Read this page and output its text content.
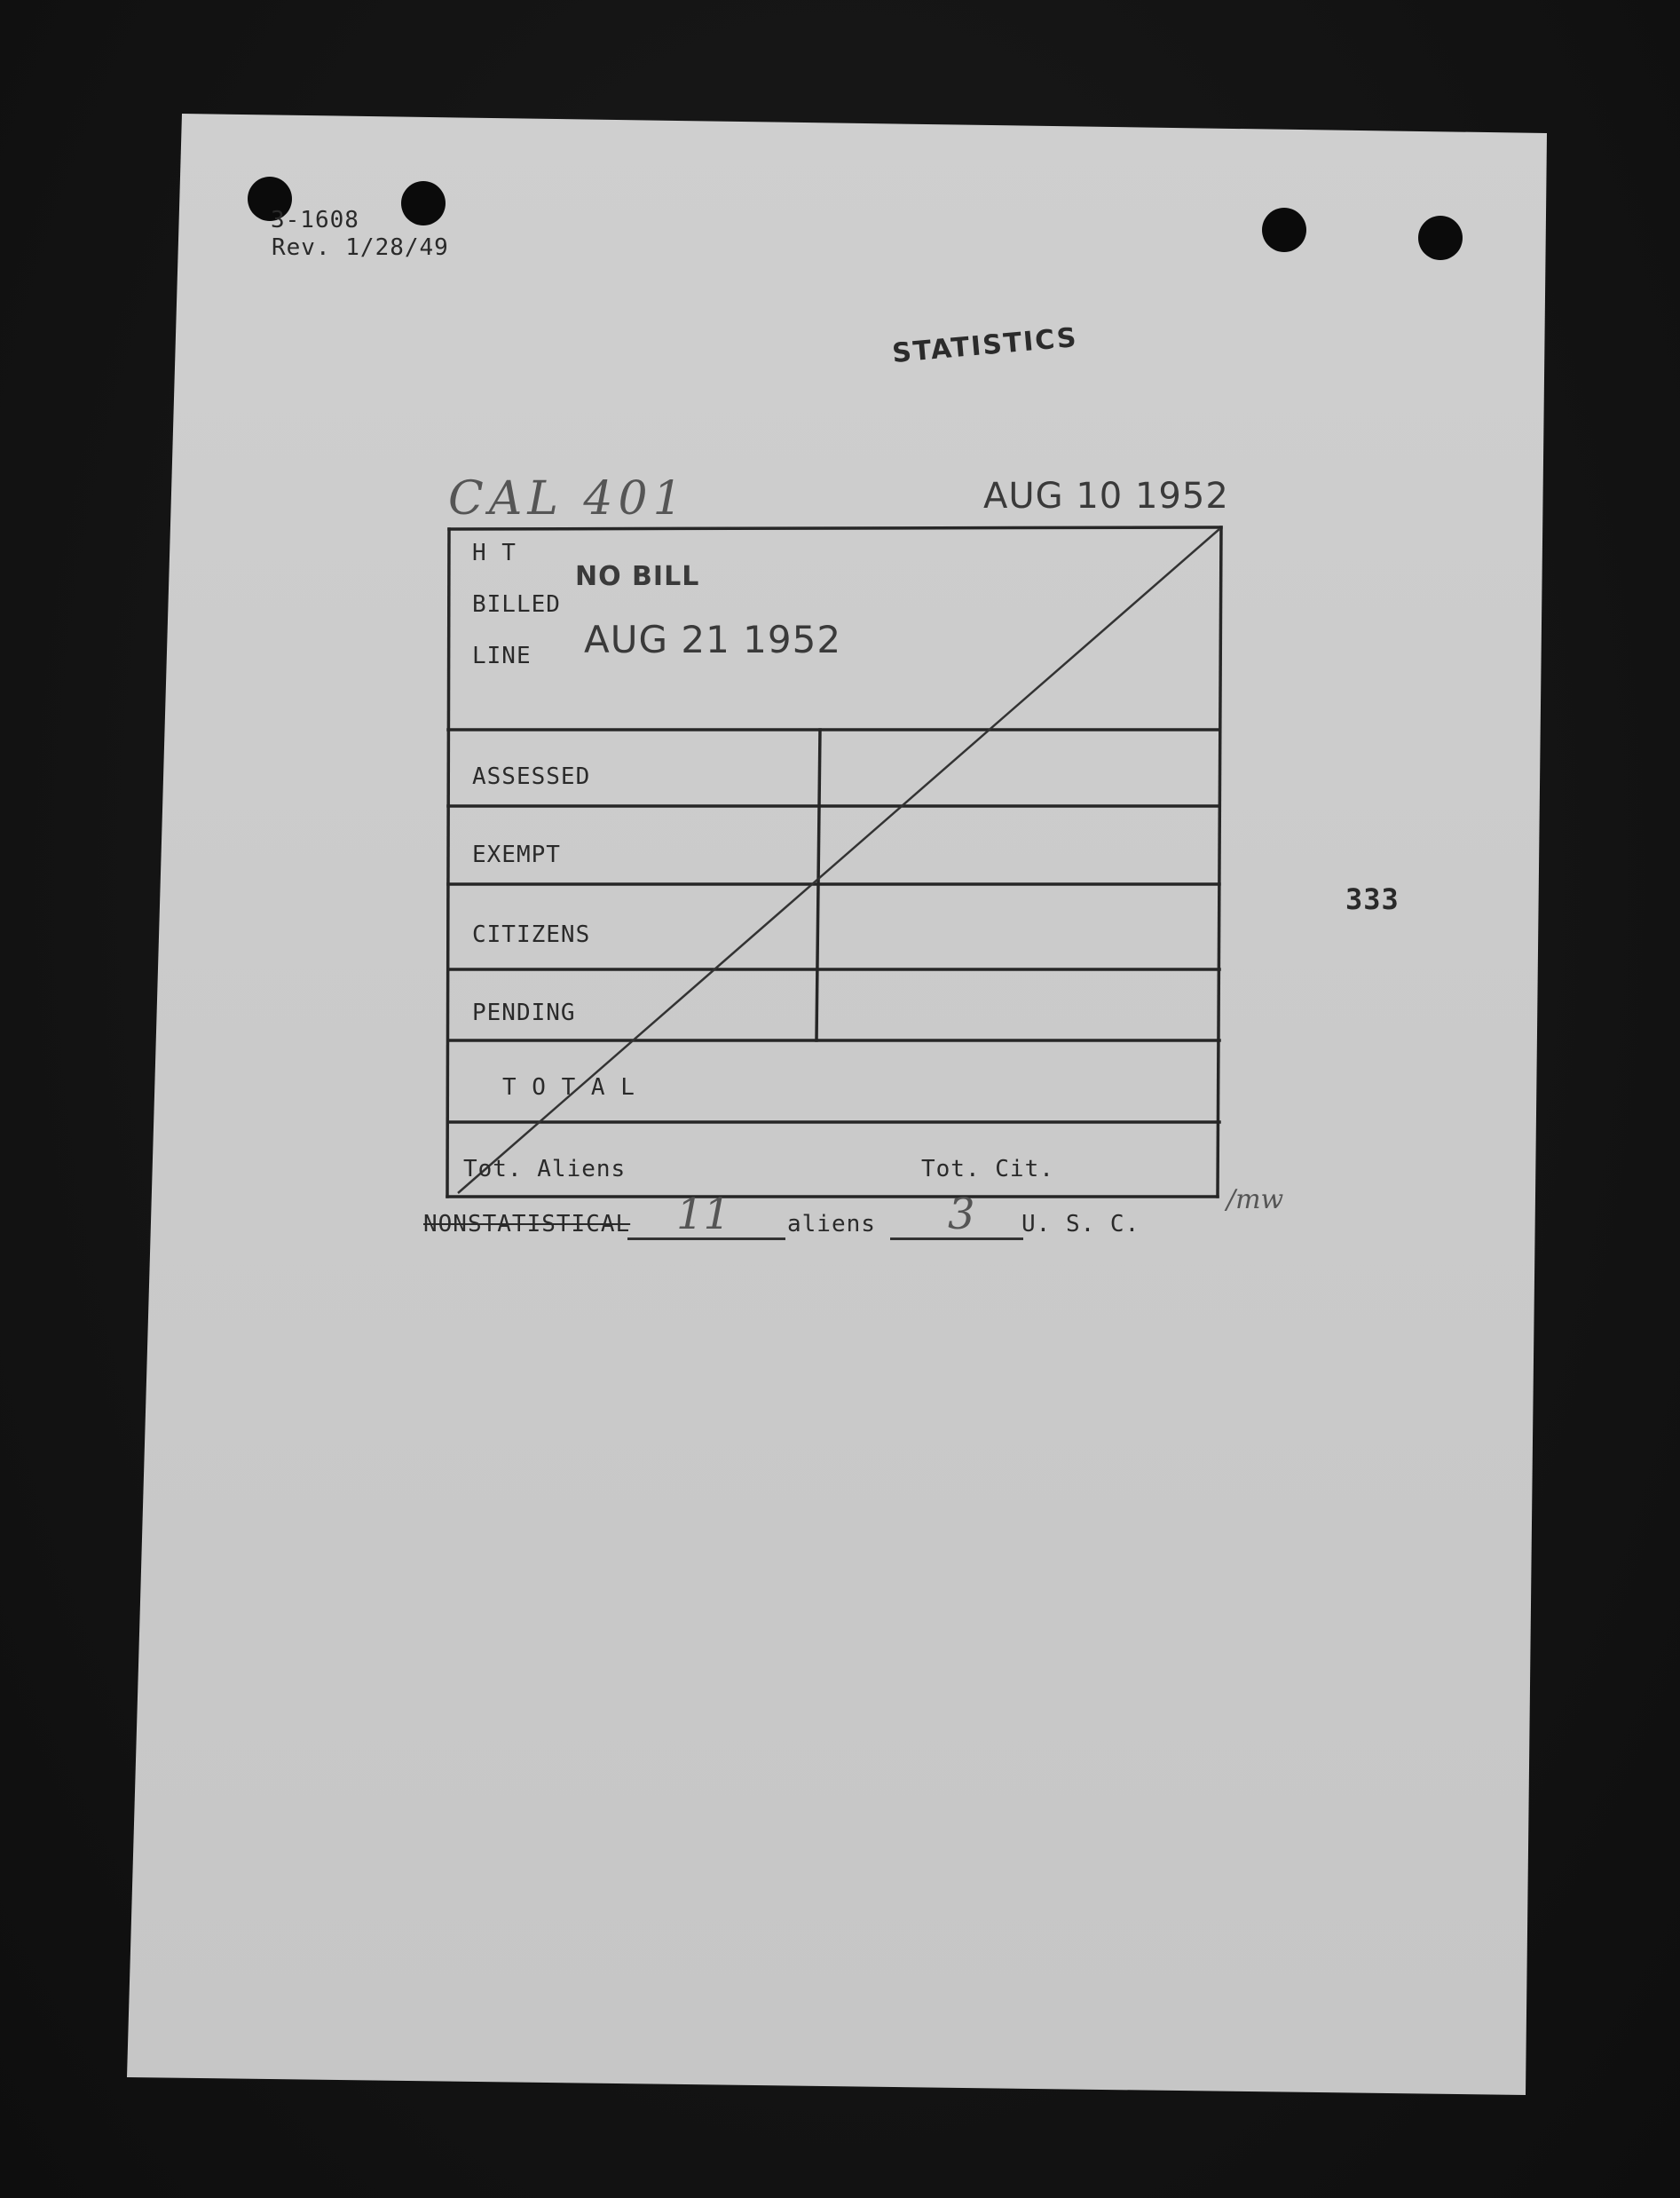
3-1608
Rev. 1/28/49
STATISTICS
CAL 401	AUG 10 1952
H T
BILLED
LINE
NO BILL
AUG 21 1952
ASSESSED
EXEMPT
CITIZENS
PENDING
T O T A L
Tot. Aliens	Tot. Cit.
/mw
333
NONSTATISTICAL 11 aliens 3 U. S. C.
